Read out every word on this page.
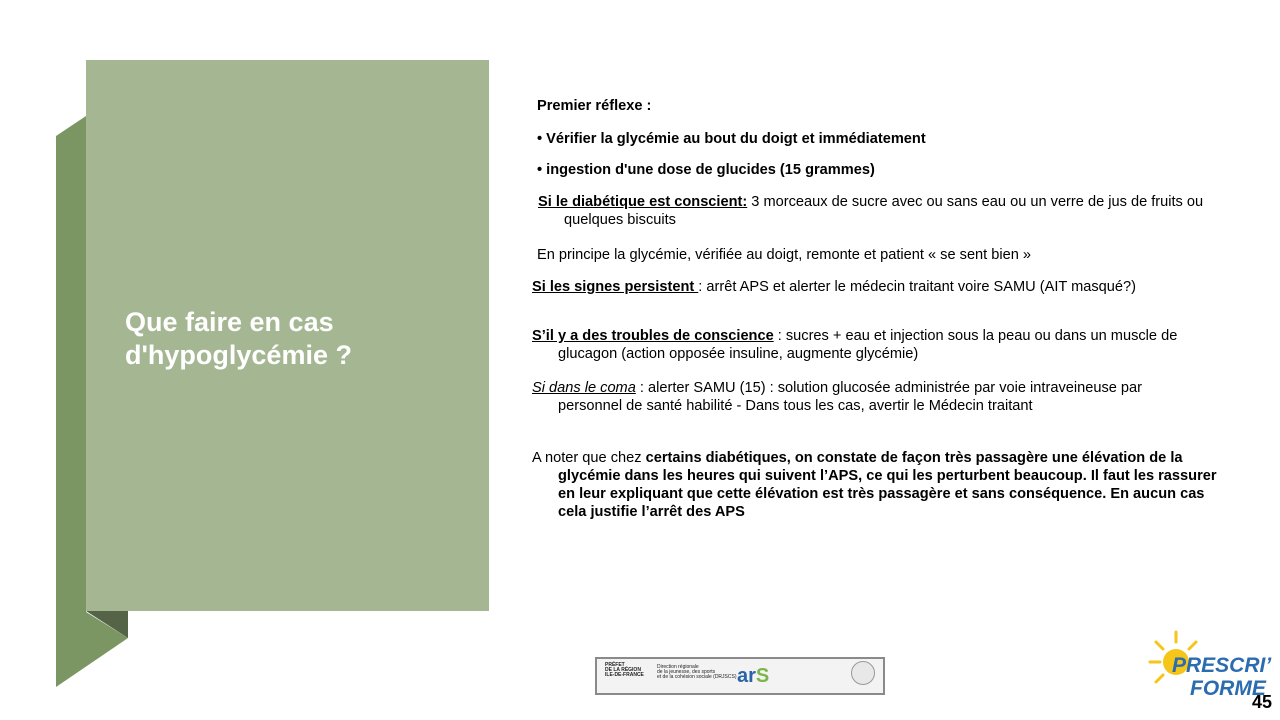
Que faire en cas d'hypoglycémie ?

Premier réflexe :

• Vérifier la glycémie au bout du doigt et immédiatement

• ingestion d'une dose de glucides (15 grammes)

Si le diabétique est conscient: 3 morceaux de sucre avec ou sans eau ou un verre de jus de fruits ou quelques biscuits

En principe la glycémie, vérifiée au doigt, remonte et patient « se sent bien »

Si les signes persistent : arrêt APS et alerter le médecin traitant voire SAMU (AIT masqué?)

S’il y a des troubles de conscience : sucres + eau et injection sous la peau ou dans un muscle de glucagon (action opposée insuline, augmente glycémie)

Si dans le coma : alerter SAMU (15) : solution glucosée administrée par voie intraveineuse par personnel de santé habilité - Dans tous les cas, avertir le Médecin traitant

A noter que chez certains diabétiques, on constate de façon très passagère une élévation de la glycémie dans les heures qui suivent l’APS, ce qui les perturbent beaucoup. Il faut les rassurer en leur expliquant que cette élévation est très passagère et sans conséquence. En aucun cas cela justifie l’arrêt des APS

PRÉFET
DE LA RÉGION
ILE-DE-FRANCE
Direction régionale
de la jeunesse, des sports
et de la cohésion sociale (DRJSCS) arS	PRESCRI’
FORME
45
